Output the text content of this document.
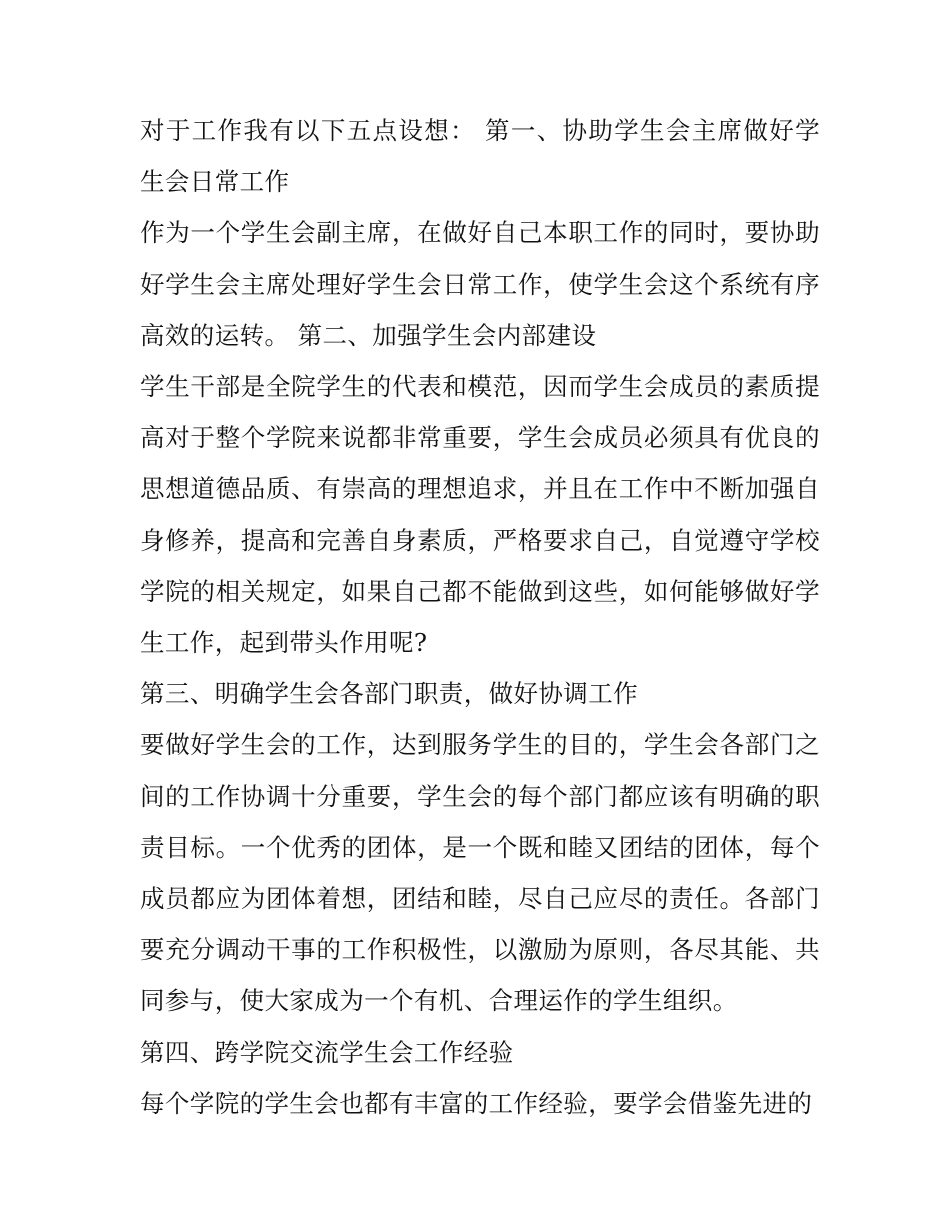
对于工作我有以下五点设想： 第一、协助学生会主席做好学生会日常工作

作为一个学生会副主席，在做好自己本职工作的同时，要协助好学生会主席处理好学生会日常工作，使学生会这个系统有序高效的运转。 第二、加强学生会内部建设

学生干部是全院学生的代表和模范，因而学生会成员的素质提高对于整个学院来说都非常重要，学生会成员必须具有优良的思想道德品质、有崇高的理想追求，并且在工作中不断加强自身修养，提高和完善自身素质，严格要求自己，自觉遵守学校学院的相关规定，如果自己都不能做到这些，如何能够做好学生工作，起到带头作用呢?

第三、明确学生会各部门职责，做好协调工作

要做好学生会的工作，达到服务学生的目的，学生会各部门之间的工作协调十分重要，学生会的每个部门都应该有明确的职责目标。一个优秀的团体，是一个既和睦又团结的团体，每个成员都应为团体着想，团结和睦，尽自己应尽的责任。各部门要充分调动干事的工作积极性，以激励为原则，各尽其能、共同参与，使大家成为一个有机、合理运作的学生组织。

第四、跨学院交流学生会工作经验

每个学院的学生会也都有丰富的工作经验，要学会借鉴先进的
